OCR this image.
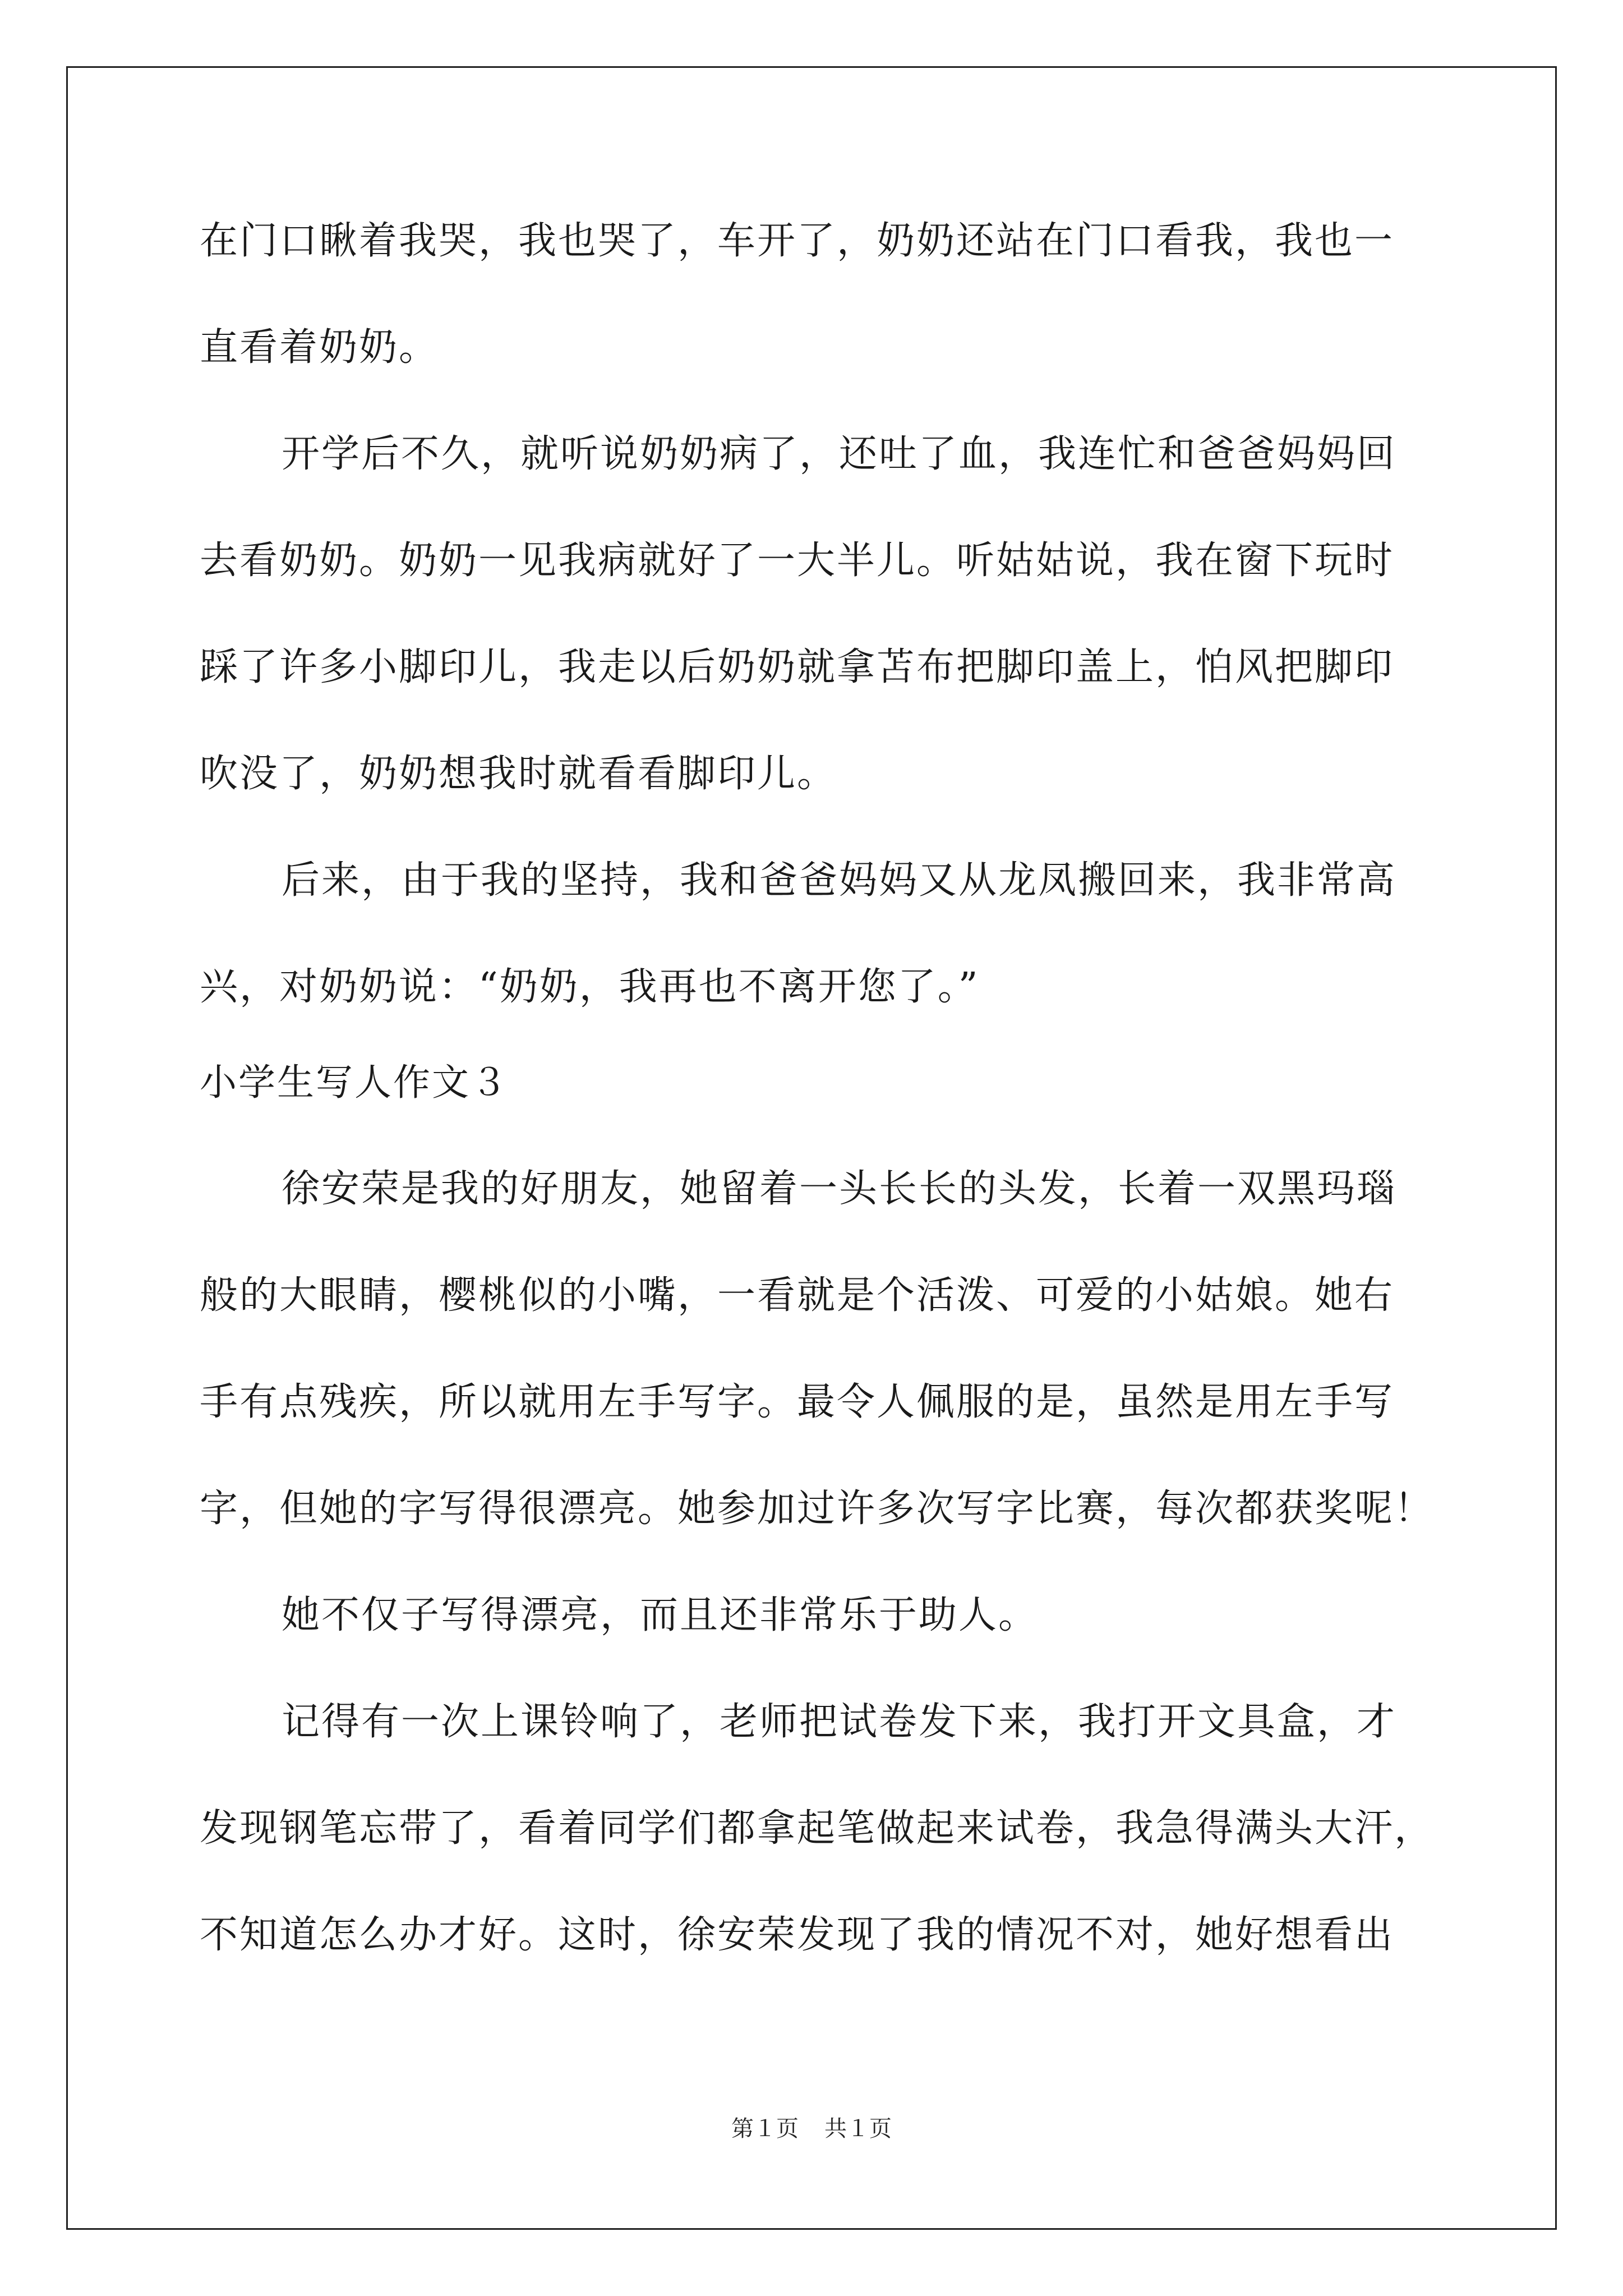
在门口瞅着我哭，我也哭了，车开了，奶奶还站在门口看我，我也一
直看着奶奶。
开学后不久，就听说奶奶病了，还吐了血，我连忙和爸爸妈妈回
去看奶奶。奶奶一见我病就好了一大半儿。听姑姑说，我在窗下玩时
踩了许多小脚印儿，我走以后奶奶就拿苫布把脚印盖上，怕风把脚印
吹没了，奶奶想我时就看看脚印儿。
后来，由于我的坚持，我和爸爸妈妈又从龙凤搬回来，我非常高
兴，对奶奶说：“奶奶，我再也不离开您了。”
小学生写人作文３
徐安荣是我的好朋友，她留着一头长长的头发，长着一双黑玛瑙
般的大眼睛，樱桃似的小嘴，一看就是个活泼、可爱的小姑娘。她右
手有点残疾，所以就用左手写字。最令人佩服的是，虽然是用左手写
字，但她的字写得很漂亮。她参加过许多次写字比赛，每次都获奖呢！
她不仅子写得漂亮，而且还非常乐于助人。
记得有一次上课铃响了，老师把试卷发下来，我打开文具盒，才
发现钢笔忘带了，看着同学们都拿起笔做起来试卷，我急得满头大汗，
不知道怎么办才好。这时，徐安荣发现了我的情况不对，她好想看出
第１页 共１页
